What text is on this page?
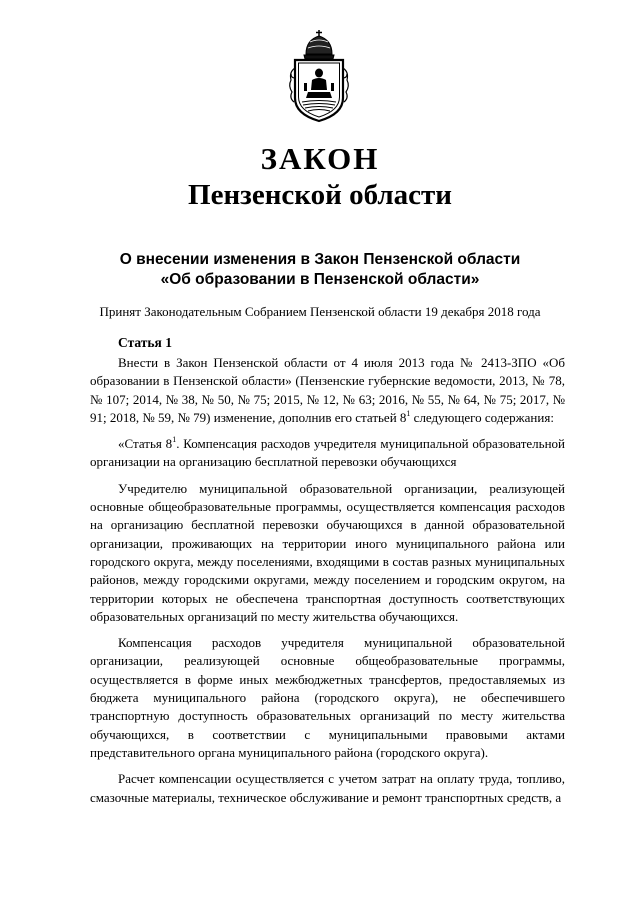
ЗАКОН
Пензенской области
О внесении изменения в Закон Пензенской области
«Об образовании в Пензенской области»
Принят Законодательным Собранием Пензенской области 19 декабря 2018 года
Статья 1

Внести в Закон Пензенской области от 4 июля 2013 года № 2413-ЗПО «Об образовании в Пензенской области» (Пензенские губернские ведомости, 2013, № 78, № 107; 2014, № 38, № 50, № 75; 2015, № 12, № 63; 2016, № 55, № 64, № 75; 2017, № 91; 2018, № 59, № 79) изменение, дополнив его статьей $8^1$ следующего содержания:

«Статья $8^1$. Компенсация расходов учредителя муниципальной образовательной организации на организацию бесплатной перевозки обучающихся

Учредителю муниципальной образовательной организации, реализующей основные общеобразовательные программы, осуществляется компенсация расходов на организацию бесплатной перевозки обучающихся в данной образовательной организации, проживающих на территории иного муниципального района или городского округа, между поселениями, входящими в состав разных муниципальных районов, между городскими округами, между поселением и городским округом, на территории которых не обеспечена транспортная доступность соответствующих образовательных организаций по месту жительства обучающихся.

Компенсация расходов учредителя муниципальной образовательной организации, реализующей основные общеобразовательные программы, осуществляется в форме иных межбюджетных трансфертов, предоставляемых из бюджета муниципального района (городского округа), не обеспечившего транспортную доступность образовательных организаций по месту жительства обучающихся, в соответствии с муниципальными правовыми актами представительного органа муниципального района (городского округа).

Расчет компенсации осуществляется с учетом затрат на оплату труда, топливо, смазочные материалы, техническое обслуживание и ремонт транспортных средств, а
